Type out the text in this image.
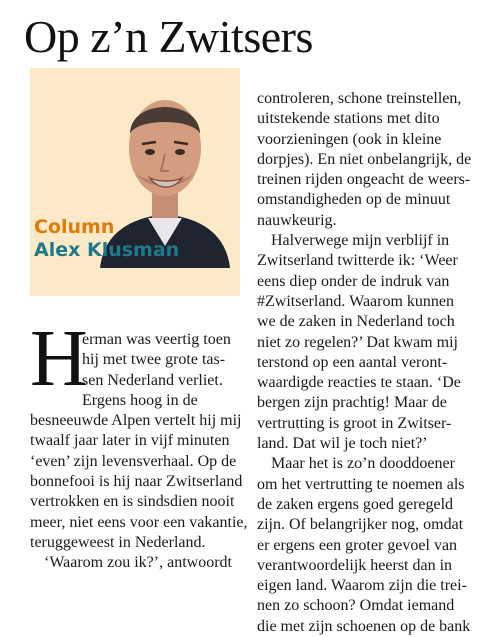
Op z’n Zwitsers
Column
Alex Klusman
H
erman was veertig toen
hij met twee grote tas-
sen Nederland verliet.
Ergens hoog in de
besneeuwde Alpen vertelt hij mij
twaalf jaar later in vijf minuten
‘even’ zijn levensverhaal. Op de
bonnefooi is hij naar Zwitserland
vertrokken en is sindsdien nooit
meer, niet eens voor een vakantie,
teruggeweest in Nederland.
‘Waarom zou ik?’, antwoordt
controleren, schone treinstellen,
uitstekende stations met dito
voorzieningen (ook in kleine
dorpjes). En niet onbelangrijk, de
treinen rijden ongeacht de weers-
omstandigheden op de minuut
nauwkeurig.
Halverwege mijn verblijf in
Zwitserland twitterde ik: ‘Weer
eens diep onder de indruk van
#Zwitserland. Waarom kunnen
we de zaken in Nederland toch
niet zo regelen?’ Dat kwam mij
terstond op een aantal veront-
waardigde reacties te staan. ‘De
bergen zijn prachtig! Maar de
vertrutting is groot in Zwitser-
land. Dat wil je toch niet?’
Maar het is zo’n dooddoener
om het vertrutting te noemen als
de zaken ergens goed geregeld
zijn. Of belangrijker nog, omdat
er ergens een groter gevoel van
verantwoordelijk heerst dan in
eigen land. Waarom zijn die trei-
nen zo schoon? Omdat iemand
die met zijn schoenen op de bank
